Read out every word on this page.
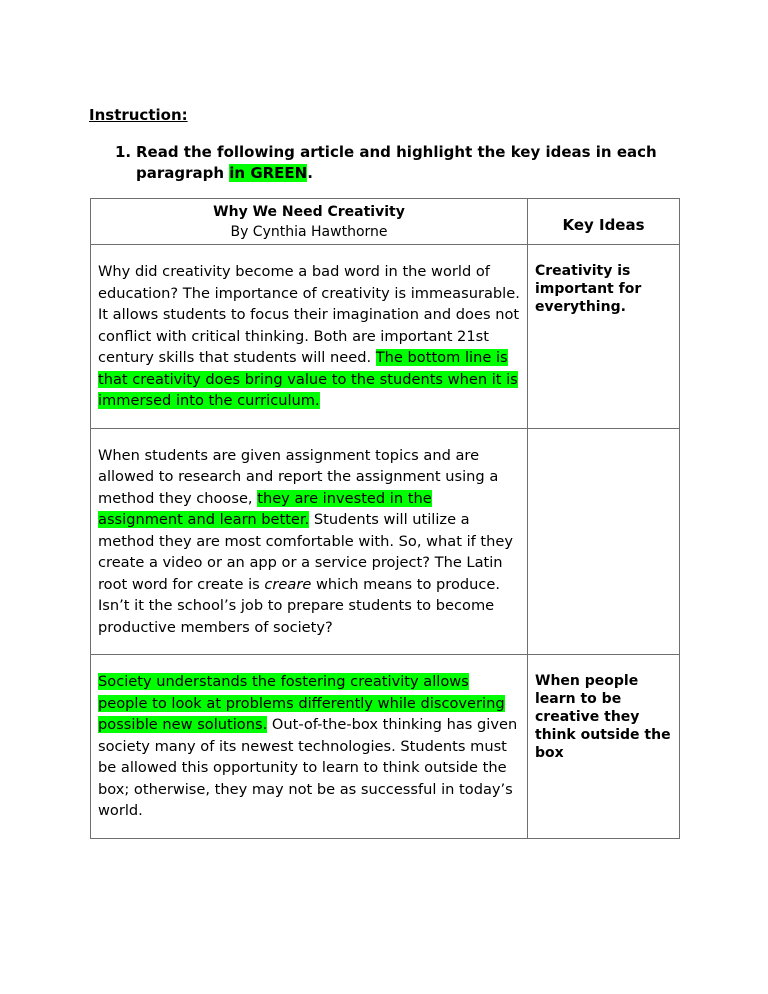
Instruction:
1. Read the following article and highlight the key ideas in each paragraph in GREEN.
Why We Need Creativity
By Cynthia Hawthorne	Key Ideas
Why did creativity become a bad word in the world of education? The importance of creativity is immeasurable. It allows students to focus their imagination and does not conflict with critical thinking. Both are important 21st century skills that students will need. The bottom line is that creativity does bring value to the students when it is immersed into the curriculum.	Creativity is important for everything.
When students are given assignment topics and are allowed to research and report the assignment using a method they choose, they are invested in the assignment and learn better. Students will utilize a method they are most comfortable with. So, what if they create a video or an app or a service project? The Latin root word for create is creare which means to produce. Isn’t it the school’s job to prepare students to become productive members of society?	
Society understands the fostering creativity allows people to look at problems differently while discovering possible new solutions. Out-of-the-box thinking has given society many of its newest technologies. Students must be allowed this opportunity to learn to think outside the box; otherwise, they may not be as successful in today’s world.	When people learn to be creative they think outside the box
